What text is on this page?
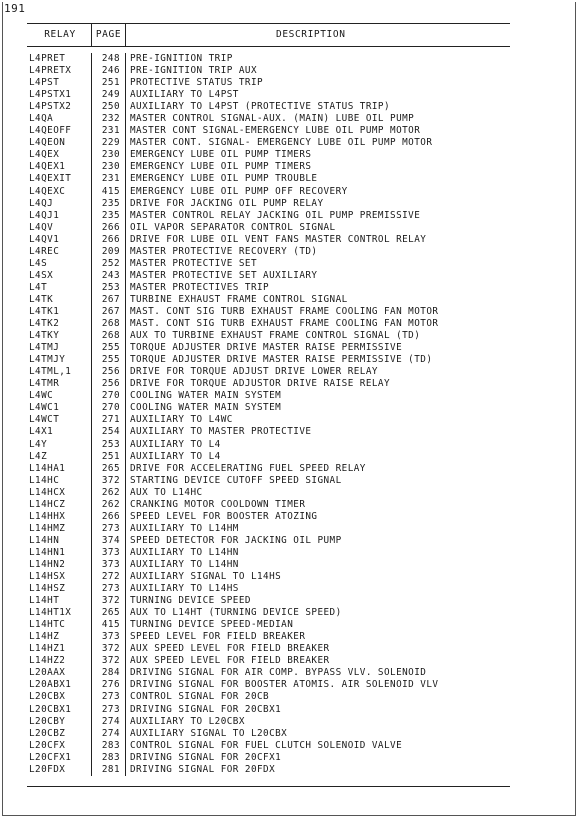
191
RELAY	PAGE	DESCRIPTION
L4PRET	248	PRE-IGNITION TRIP
L4PRETX	246	PRE-IGNITION TRIP AUX
L4PST	251	PROTECTIVE STATUS TRIP
L4PSTX1	249	AUXILIARY TO L4PST
L4PSTX2	250	AUXILIARY TO L4PST (PROTECTIVE STATUS TRIP)
L4QA	232	MASTER CONTROL SIGNAL-AUX. (MAIN) LUBE OIL PUMP
L4QEOFF	231	MASTER CONT SIGNAL-EMERGENCY LUBE OIL PUMP MOTOR
L4QEON	229	MASTER CONT. SIGNAL- EMERGENCY LUBE OIL PUMP MOTOR
L4QEX	230	EMERGENCY LUBE OIL PUMP TIMERS
L4QEX1	230	EMERGENCY LUBE OIL PUMP TIMERS
L4QEXIT	231	EMERGENCY LUBE OIL PUMP TROUBLE
L4QEXC	415	EMERGENCY LUBE OIL PUMP OFF RECOVERY
L4QJ	235	DRIVE FOR JACKING OIL PUMP RELAY
L4QJ1	235	MASTER CONTROL RELAY JACKING OIL PUMP PREMISSIVE
L4QV	266	OIL VAPOR SEPARATOR CONTROL SIGNAL
L4QV1	266	DRIVE FOR LUBE OIL VENT FANS MASTER CONTROL RELAY
L4REC	209	MASTER PROTECTIVE RECOVERY (TD)
L4S	252	MASTER PROTECTIVE SET
L4SX	243	MASTER PROTECTIVE SET AUXILIARY
L4T	253	MASTER PROTECTIVES TRIP
L4TK	267	TURBINE EXHAUST FRAME CONTROL SIGNAL
L4TK1	267	MAST. CONT SIG TURB EXHAUST FRAME COOLING FAN MOTOR
L4TK2	268	MAST. CONT SIG TURB EXHAUST FRAME COOLING FAN MOTOR
L4TKY	268	AUX TO TURBINE EXHAUST FRAME CONTROL SIGNAL (TD)
L4TMJ	255	TORQUE ADJUSTER DRIVE MASTER RAISE PERMISSIVE
L4TMJY	255	TORQUE ADJUSTER DRIVE MASTER RAISE PERMISSIVE (TD)
L4TML,1	256	DRIVE FOR TORQUE ADJUST DRIVE LOWER RELAY
L4TMR	256	DRIVE FOR TORQUE ADJUSTOR DRIVE RAISE RELAY
L4WC	270	COOLING WATER MAIN SYSTEM
L4WC1	270	COOLING WATER MAIN SYSTEM
L4WCT	271	AUXILIARY TO L4WC
L4X1	254	AUXILIARY TO MASTER PROTECTIVE
L4Y	253	AUXILIARY TO L4
L4Z	251	AUXILIARY TO L4
L14HA1	265	DRIVE FOR ACCELERATING FUEL SPEED RELAY
L14HC	372	STARTING DEVICE CUTOFF SPEED SIGNAL
L14HCX	262	AUX TO L14HC
L14HCZ	262	CRANKING MOTOR COOLDOWN TIMER
L14HHX	266	SPEED LEVEL FOR BOOSTER ATOZING
L14HMZ	273	AUXILIARY TO L14HM
L14HN	374	SPEED DETECTOR FOR JACKING OIL PUMP
L14HN1	373	AUXILIARY TO L14HN
L14HN2	373	AUXILIARY TO L14HN
L14HSX	272	AUXILIARY SIGNAL TO L14HS
L14HSZ	273	AUXILIARY TO L14HS
L14HT	372	TURNING DEVICE SPEED
L14HT1X	265	AUX TO L14HT (TURNING DEVICE SPEED)
L14HTC	415	TURNING DEVICE SPEED-MEDIAN
L14HZ	373	SPEED LEVEL FOR FIELD BREAKER
L14HZ1	372	AUX SPEED LEVEL FOR FIELD BREAKER
L14HZ2	372	AUX SPEED LEVEL FOR FIELD BREAKER
L20AAX	284	DRIVING SIGNAL FOR AIR COMP. BYPASS VLV. SOLENOID
L20ABX1	276	DRIVING SIGNAL FOR BOOSTER ATOMIS. AIR SOLENOID VLV
L20CBX	273	CONTROL SIGNAL FOR 20CB
L20CBX1	273	DRIVING SIGNAL FOR 20CBX1
L20CBY	274	AUXILIARY TO L20CBX
L20CBZ	274	AUXILIARY SIGNAL TO L20CBX
L20CFX	283	CONTROL SIGNAL FOR FUEL CLUTCH SOLENOID VALVE
L20CFX1	283	DRIVING SIGNAL FOR 20CFX1
L20FDX	281	DRIVING SIGNAL FOR 20FDX
